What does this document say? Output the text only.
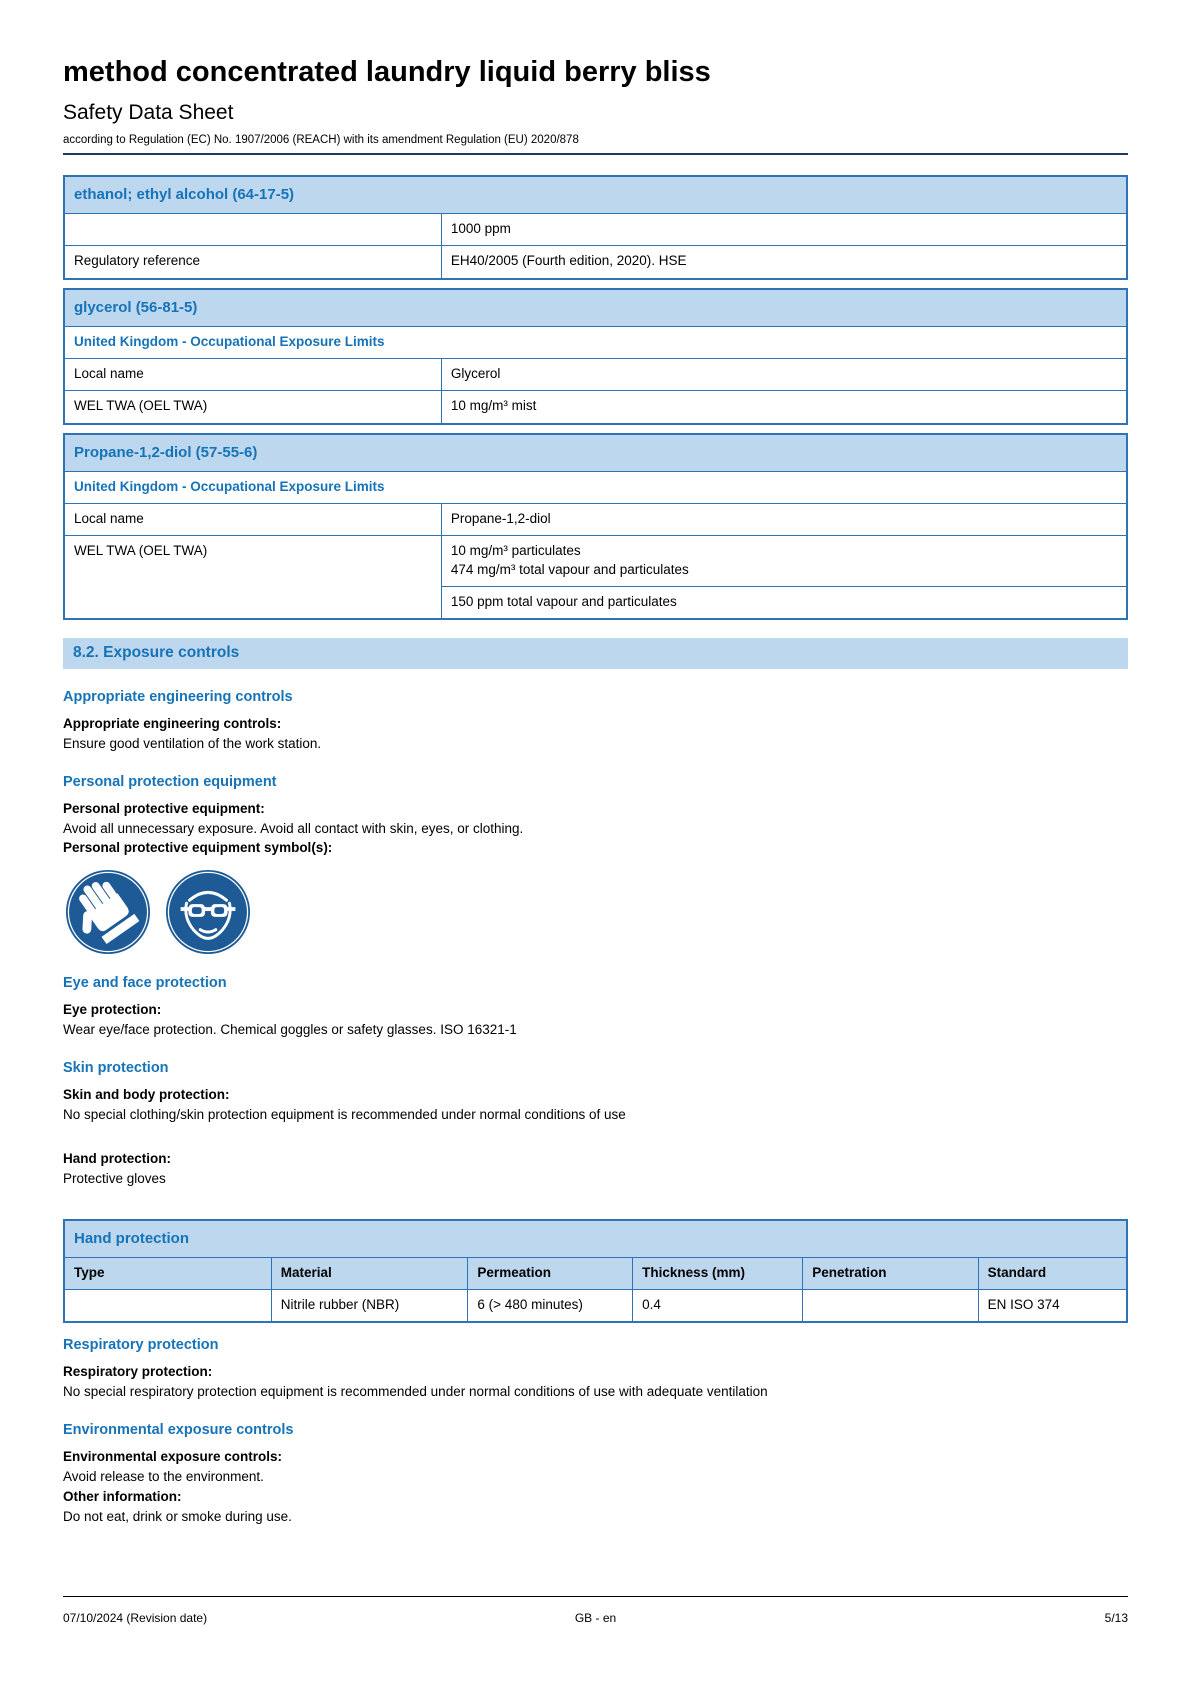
method concentrated laundry liquid berry bliss
Safety Data Sheet
according to Regulation (EC) No. 1907/2006 (REACH) with its amendment Regulation (EU) 2020/878
ethanol; ethyl alcohol (64-17-5)	
	1000 ppm
Regulatory reference	EH40/2005 (Fourth edition, 2020). HSE
glycerol (56-81-5)	
United Kingdom - Occupational Exposure Limits	
Local name	Glycerol
WEL TWA (OEL TWA)	10 mg/m³ mist
Propane-1,2-diol (57-55-6)	
United Kingdom - Occupational Exposure Limits	
Local name	Propane-1,2-diol
WEL TWA (OEL TWA)	10 mg/m³ particulates
474 mg/m³ total vapour and particulates

	150 ppm total vapour and particulates
8.2. Exposure controls
Appropriate engineering controls
Appropriate engineering controls:
Ensure good ventilation of the work station.
Personal protection equipment
Personal protective equipment:
Avoid all unnecessary exposure. Avoid all contact with skin, eyes, or clothing.
Personal protective equipment symbol(s):
Eye and face protection
Eye protection:
Wear eye/face protection. Chemical goggles or safety glasses. ISO 16321-1
Skin protection
Skin and body protection:
No special clothing/skin protection equipment is recommended under normal conditions of use
Hand protection:
Protective gloves
Hand protection					
Type	Material	Permeation	Thickness (mm)	Penetration	Standard
	Nitrile rubber (NBR)	6 (> 480 minutes)	0.4		EN ISO 374
Respiratory protection
Respiratory protection:
No special respiratory protection equipment is recommended under normal conditions of use with adequate ventilation
Environmental exposure controls
Environmental exposure controls:
Avoid release to the environment.
Other information:
Do not eat, drink or smoke during use.
07/10/2024 (Revision date)	GB - en	5/13
